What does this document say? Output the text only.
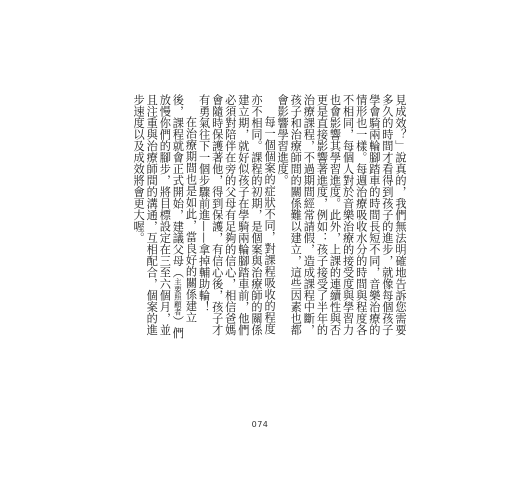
見成效？」說真的，我們無法明確地告訴您需要多久的時間才看得到孩子的進步，就像每個孩子學會騎兩輪腳踏車的時間長短不同，音樂治療的情形也一樣。每週治療吸收水分的時間與程度各不相同，每個人對於音樂治療的接受度與學習力也會影響其學習進度。此外，上課的連續性與否更是直接影響著進度，例如：孩子接受了半年的治療課程，不過期間經常請假，造成課程中斷，孩子和治療師間的關係難以建立，這些因素也都會影響學習進度。

每一個個案的症狀不同，對課程吸收的程度亦不相同。課程的初期，是個案與治療師的關係建立期，就好似孩子在學騎兩輪腳踏車前，他們必須對陪伴在旁的父母有足夠的信心，相信爸媽會隨時保護著他，得到保護，有信心後，孩子才有勇氣往下一個步驟前進——拿掉輔助輪！

在治療期間也是如此，當良好的關係建立後，課程就會正式開始，建議父母（主要照顧者）們放慢你們的腳步，將目標設定在三至六個月，並且注重與治療師間的溝通，互相配合，個案的進步速度以及成效將會更大喔。

074
